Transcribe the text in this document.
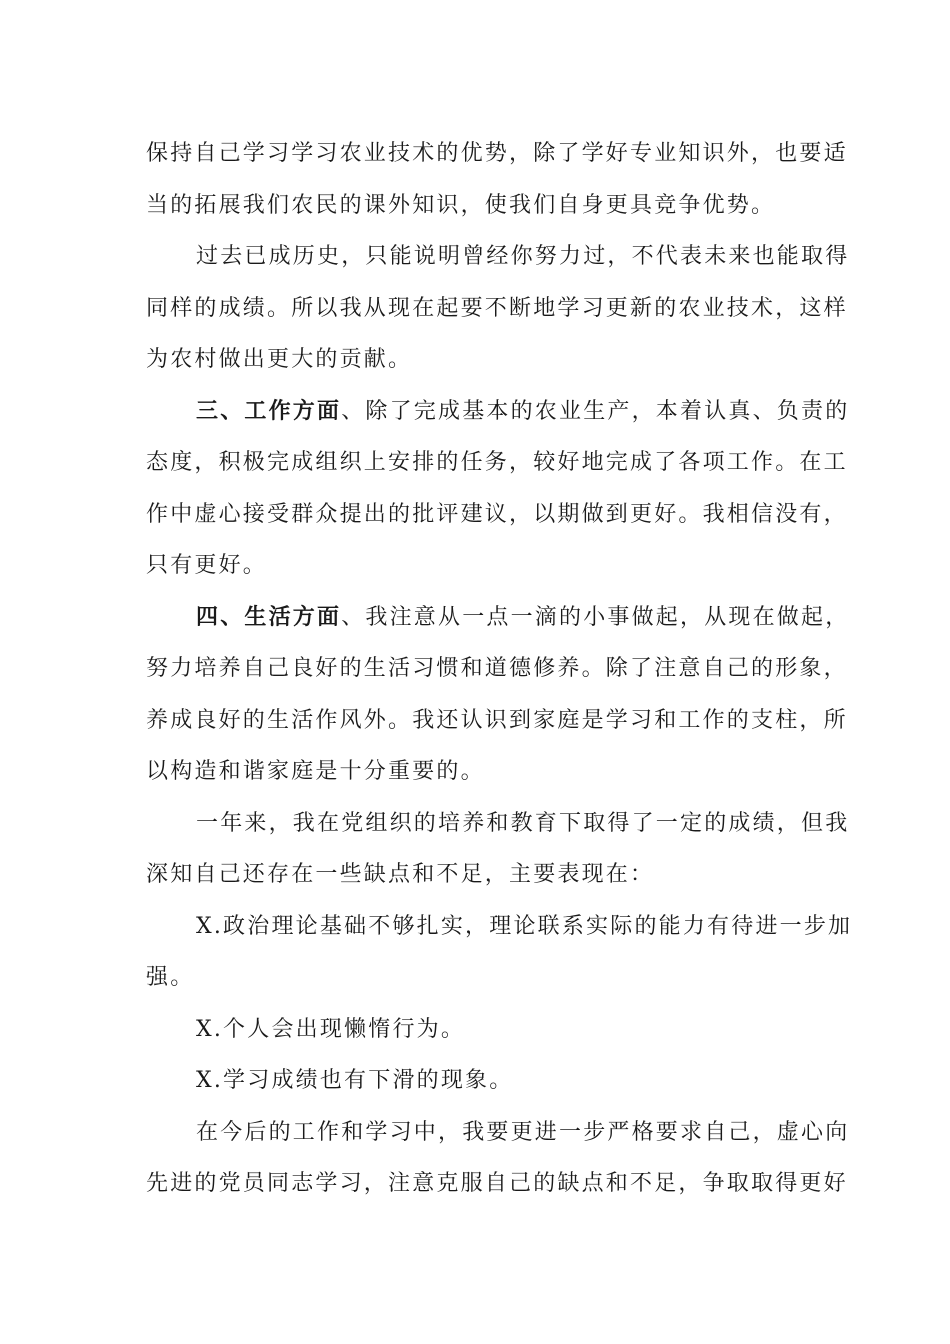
保持自己学习学习农业技术的优势，除了学好专业知识外，也要适
当的拓展我们农民的课外知识，使我们自身更具竞争优势。
过去已成历史，只能说明曾经你努力过，不代表未来也能取得
同样的成绩。所以我从现在起要不断地学习更新的农业技术，这样
为农村做出更大的贡献。
三、工作方面、除了完成基本的农业生产，本着认真、负责的
态度，积极完成组织上安排的任务，较好地完成了各项工作。在工
作中虚心接受群众提出的批评建议，以期做到更好。我相信没有，
只有更好。
四、生活方面、我注意从一点一滴的小事做起，从现在做起，
努力培养自己良好的生活习惯和道德修养。除了注意自己的形象，
养成良好的生活作风外。我还认识到家庭是学习和工作的支柱，所
以构造和谐家庭是十分重要的。
一年来，我在党组织的培养和教育下取得了一定的成绩，但我
深知自己还存在一些缺点和不足，主要表现在：
X.政治理论基础不够扎实，理论联系实际的能力有待进一步加
强。
X.个人会出现懒惰行为。
X.学习成绩也有下滑的现象。
在今后的工作和学习中，我要更进一步严格要求自己，虚心向
先进的党员同志学习，注意克服自己的缺点和不足，争取取得更好
